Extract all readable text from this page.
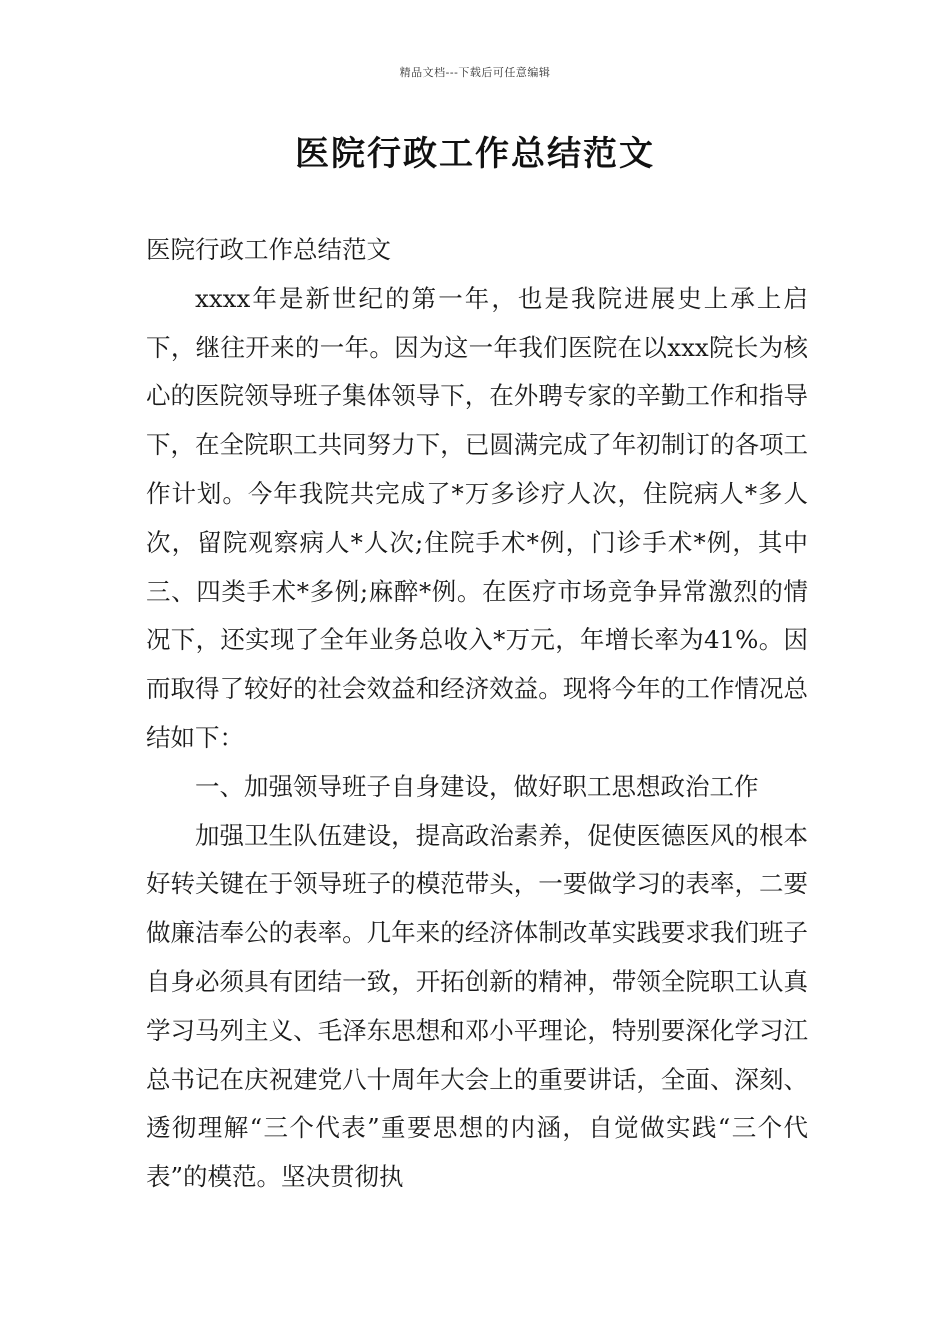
精品文档---下载后可任意编辑
医院行政工作总结范文

医院行政工作总结范文

xxxx年是新世纪的第一年，也是我院进展史上承上启下，继往开来的一年。因为这一年我们医院在以xxx院长为核心的医院领导班子集体领导下，在外聘专家的辛勤工作和指导下，在全院职工共同努力下，已圆满完成了年初制订的各项工作计划。今年我院共完成了*万多诊疗人次，住院病人*多人次，留院观察病人*人次;住院手术*例，门诊手术*例，其中三、四类手术*多例;麻醉*例。在医疗市场竞争异常激烈的情况下，还实现了全年业务总收入*万元，年增长率为41%。因而取得了较好的社会效益和经济效益。现将今年的工作情况总结如下：

一、加强领导班子自身建设，做好职工思想政治工作

加强卫生队伍建设，提高政治素养，促使医德医风的根本好转关键在于领导班子的模范带头，一要做学习的表率，二要做廉洁奉公的表率。几年来的经济体制改革实践要求我们班子自身必须具有团结一致，开拓创新的精神，带领全院职工认真学习马列主义、毛泽东思想和邓小平理论，特别要深化学习江总书记在庆祝建党八十周年大会上的重要讲话，全面、深刻、透彻理解“三个代表”重要思想的内涵，自觉做实践“三个代表”的模范。坚决贯彻执
